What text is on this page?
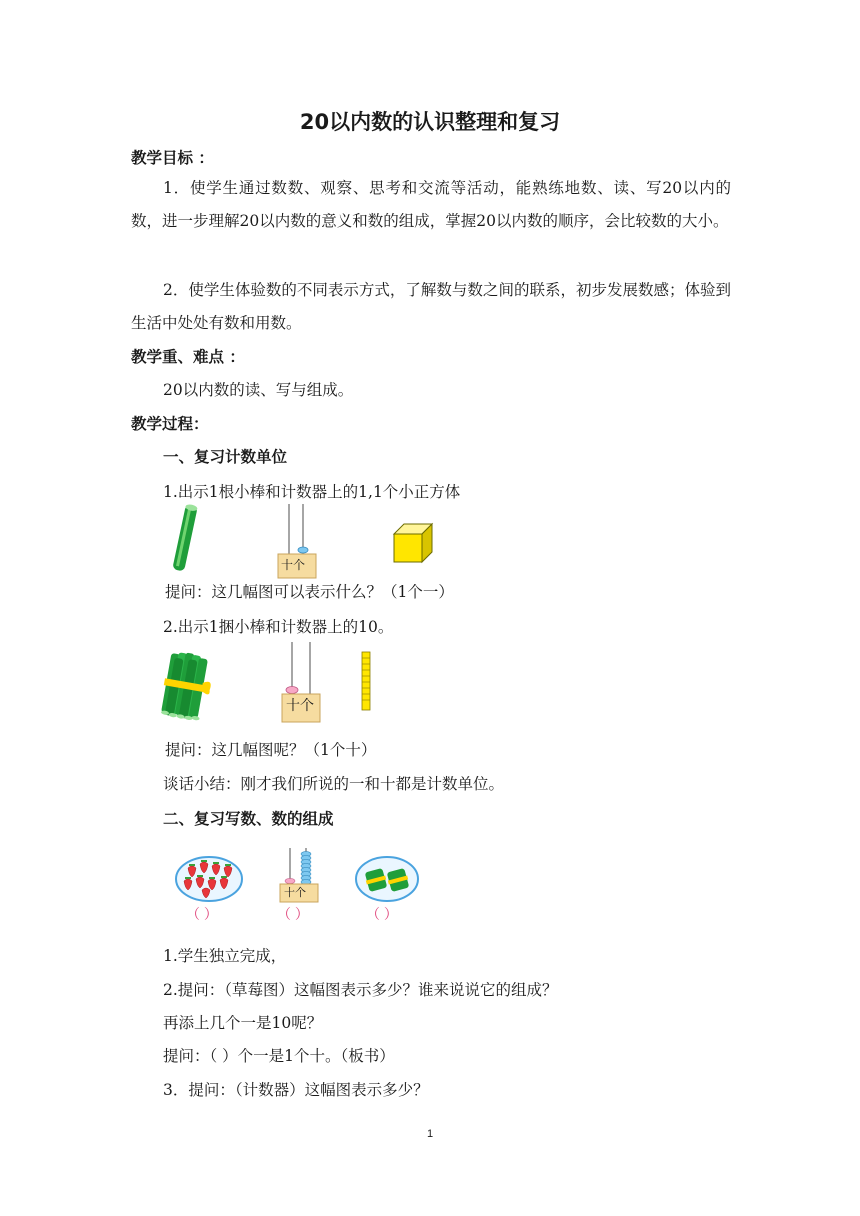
20以内数的认识整理和复习
教学目标 ：
1．使学生通过数数、观察、思考和交流等活动，能熟练地数、读、写20以内的数，进一步理解20以内数的意义和数的组成，掌握20以内数的顺序，会比较数的大小。
2．使学生体验数的不同表示方式，了解数与数之间的联系，初步发展数感；体验到生活中处处有数和用数。
教学重、难点 ：
20以内数的读、写与组成。
教学过程：
一、复习计数单位
1.出示1根小棒和计数器上的1,1个小正方体
十个
提问：这几幅图可以表示什么？（1个一）
2.出示1捆小棒和计数器上的10。
十个
提问：这几幅图呢？（1个十）
谈话小结：刚才我们所说的一和十都是计数单位。
二、复习写数、数的组成
（ ）
十个
（ ）	（ ）
1.学生独立完成，
2.提问：（草莓图）这幅图表示多少？谁来说说它的组成？
再添上几个一是10呢？
提问：（ ）个一是1个十。（板书）
3．提问：（计数器）这幅图表示多少？
1
